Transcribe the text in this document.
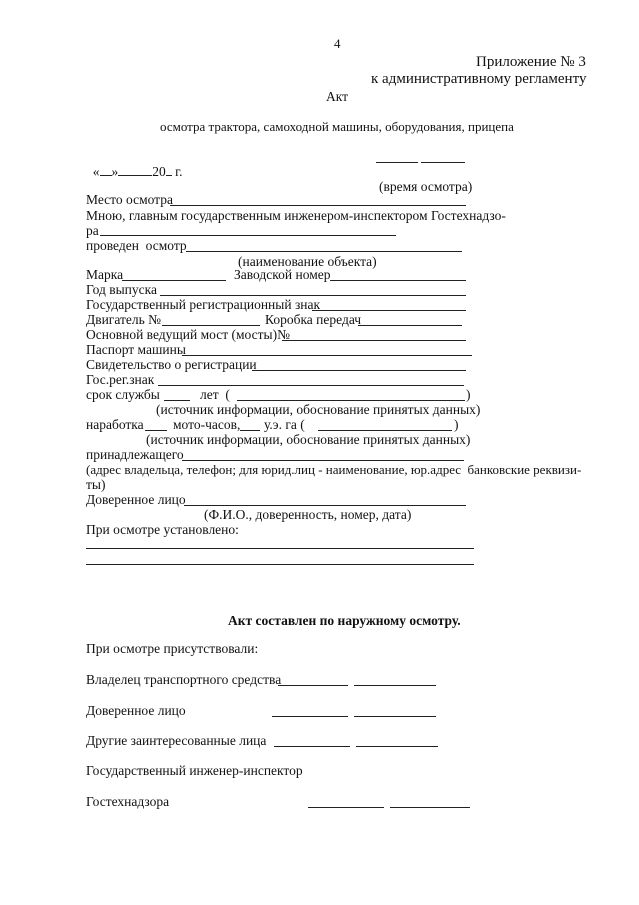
4
Приложение № 3
к административному регламенту
Акт
осмотра трактора, самоходной машины, оборудования, прицепа

« »	20 г.

(время осмотра)
Место осмотра
Мною, главным государственным инженером-инспектором Гостехнадзо-
ра
проведен  осмотр
(наименование объекта)
Марка	Заводской номер
Год выпуска
Государственный регистрационный знак
Двигатель №	Коробка передач
Основной ведущий мост (мосты)№
Паспорт машины
Свидетельство о регистрации
Гос.рег.знак
срок службы	лет  (	)
(источник информации, обоснование принятых данных)
наработка мото-часов, у.э. га (	)
(источник информации, обоснование принятых данных)
принадлежащего
(адрес владельца, телефон; для юрид.лиц - наименование, юр.адрес  банковские реквизи-
ты)
Доверенное лицо
(Ф.И.О., доверенность, номер, дата)
При осмотре установлено:
Акт составлен по наружному осмотру.
При осмотре присутствовали:
Владелец транспортного средства
Доверенное лицо
Другие заинтересованные лица
Государственный инженер-инспектор
Гостехнадзора
